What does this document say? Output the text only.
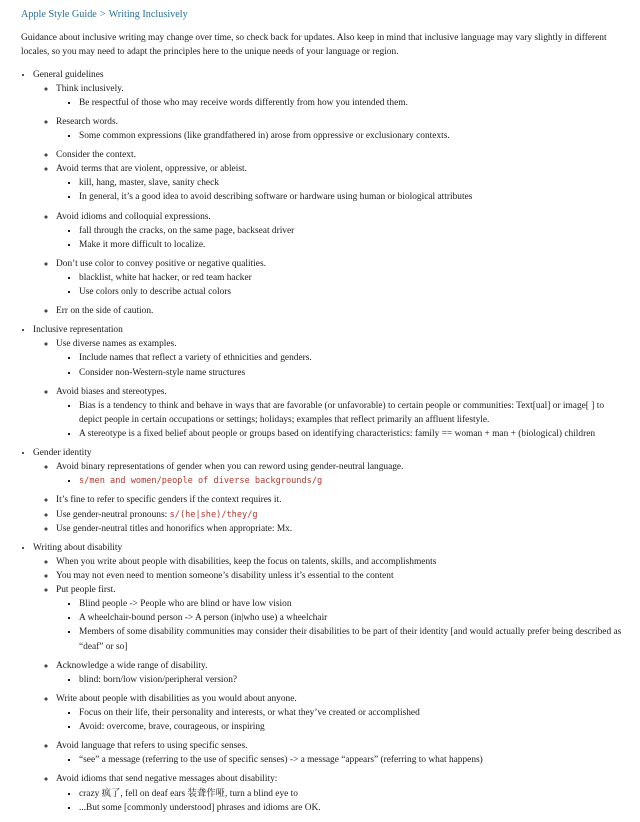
Apple Style Guide > Writing Inclusively

Guidance about inclusive writing may change over time, so check back for updates. Also keep in mind that inclusive language may vary slightly in different locales, so you may need to adapt the principles here to the unique needs of your language or region.

• General guidelines
◦ Think inclusively.
▪ Be respectful of those who may receive words differently from how you intended them.
◦ Research words.
▪ Some common expressions (like grandfathered in) arose from oppressive or exclusionary contexts.
◦ Consider the context.
◦ Avoid terms that are violent, oppressive, or ableist.
▪ kill, hang, master, slave, sanity check
▪ In general, it’s a good idea to avoid describing software or hardware using human or biological attributes
◦ Avoid idioms and colloquial expressions.
▪ fall through the cracks, on the same page, backseat driver
▪ Make it more difficult to localize.
◦ Don’t use color to convey positive or negative qualities.
▪ blacklist, white hat hacker, or red team hacker
▪ Use colors only to describe actual colors
◦ Err on the side of caution.
• Inclusive representation
◦ Use diverse names as examples.
▪ Include names that reflect a variety of ethnicities and genders.
▪ Consider non-Western-style name structures
◦ Avoid biases and stereotypes.
▪ Bias is a tendency to think and behave in ways that are favorable (or unfavorable) to certain people or communities: Text[ual] or image[ ] to depict people in certain occupations or settings; holidays; examples that reflect primarily an affluent lifestyle.
▪ A stereotype is a fixed belief about people or groups based on identifying characteristics: family == woman + man + (biological) children
• Gender identity
◦ Avoid binary representations of gender when you can reword using gender-neutral language.
▪ s/men and women/people of diverse backgrounds/g
◦ It’s fine to refer to specific genders if the context requires it.
◦ Use gender-neutral pronouns: s/(he|she)/they/g
◦ Use gender-neutral titles and honorifics when appropriate: Mx.
• Writing about disability
◦ When you write about people with disabilities, keep the focus on talents, skills, and accomplishments
◦ You may not even need to mention someone’s disability unless it’s essential to the content
◦ Put people first.
▪ Blind people -> People who are blind or have low vision
▪ A wheelchair-bound person -> A person (in|who use) a wheelchair
▪ Members of some disability communities may consider their disabilities to be part of their identity [and would actually prefer being described as “deaf” or so]
◦ Acknowledge a wide range of disability.
▪ blind: born/low vision/peripheral version?
◦ Write about people with disabilities as you would about anyone.
▪ Focus on their life, their personality and interests, or what they’ve created or accomplished
▪ Avoid: overcome, brave, courageous, or inspiring
◦ Avoid language that refers to using specific senses.
▪ “see” a message (referring to the use of specific senses) -> a message “appears” (referring to what happens)
◦ Avoid idioms that send negative messages about disability:
▪ crazy 疯了, fell on deaf ears 装聋作哑, turn a blind eye to
▪ ...But some [commonly understood] phrases and idioms are OK.
